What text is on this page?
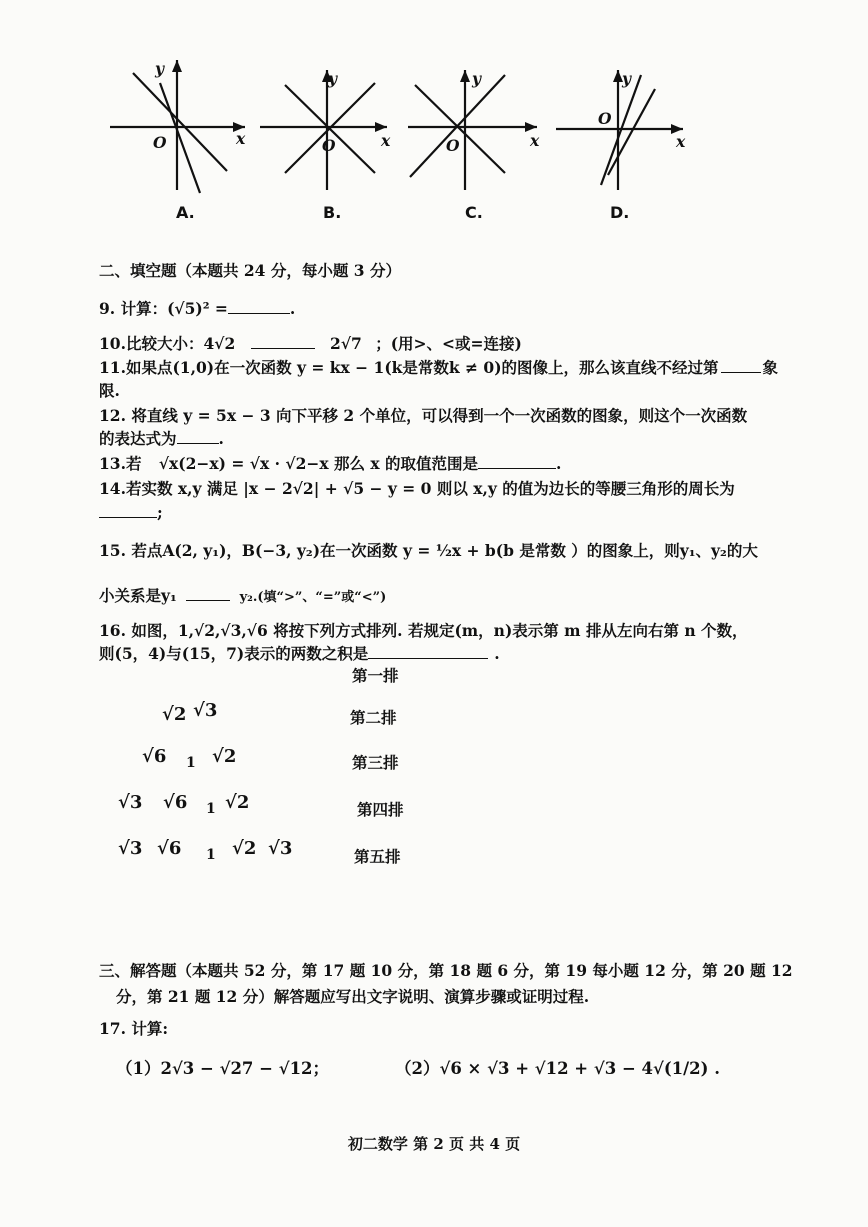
y
x
O
A.
y
x
O
B.
y
x
O
C.
y
x
O
D.
二、填空题（本题共 24 分，每小题 3 分）
9. 计算：(√5)² =	.
10.比较大小：4√2	2√7 ；(用>、<或=连接)
11.如果点(1,0)在一次函数 y = kx − 1(k是常数k ≠ 0)的图像上，那么该直线不经过第	象
限.
12. 将直线 y = 5x − 3 向下平移 2 个单位，可以得到一个一次函数的图象，则这个一次函数
的表达式为	.
13.若 √x(2−x) = √x · √2−x 那么 x 的取值范围是	.
14.若实数 x,y 满足 |x − 2√2| + √5 − y = 0 则以 x,y 的值为边长的等腰三角形的周长为
;
15. 若点A(2, y₁)，B(−3, y₂)在一次函数 y = ½x + b(b 是常数 ）的图象上，则y₁、y₂的大
小关系是y₁	y₂.(填“>”、“=”或“<”)
16. 如图，1,√2,√3,√6 将按下列方式排列. 若规定(m，n)表示第 m 排从左向右第 n 个数，
则(5，4)与(15，7)表示的两数之积是	.
第一排
第二排
√2 √3
第三排
√6 1 √2
第四排
√3 √6 1 √2
第五排
√3 √6 1 √2 √3
三、解答题（本题共 52 分，第 17 题 10 分，第 18 题 6 分，第 19 每小题 12 分，第 20 题 12
分，第 21 题 12 分）解答题应写出文字说明、演算步骤或证明过程.
17. 计算:
（1）2√3 − √27 − √12；	（2）√6 × √3 + √12 + √3 − 4√(1/2) .
初二数学 第 2 页 共 4 页
